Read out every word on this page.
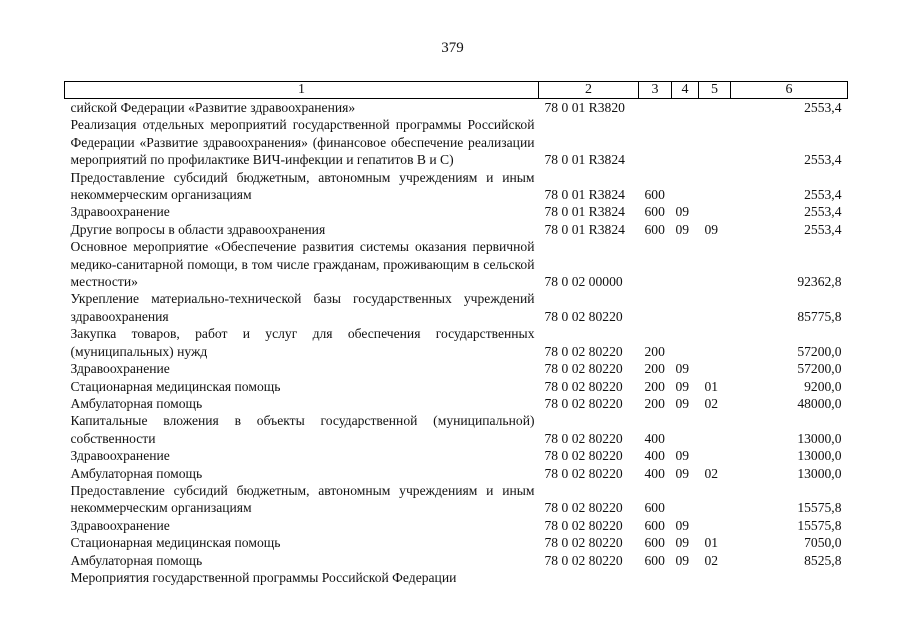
379
1	2	3	4	5	6
сийской Федерации «Развитие здравоохранения»	78 0 01 R3820				2553,4
Реализация отдельных мероприятий государственной программы Российской Федерации «Развитие здравоохранения» (финансовое обеспечение реализации мероприятий по профилактике ВИЧ-инфекции и гепатитов В и С)	78 0 01 R3824				2553,4
Предоставление субсидий бюджетным, автономным учреждениям и иным некоммерческим организациям	78 0 01 R3824	600			2553,4
Здравоохранение	78 0 01 R3824	600	09		2553,4
Другие вопросы в области здравоохранения	78 0 01 R3824	600	09	09	2553,4
Основное мероприятие «Обеспечение развития системы оказания первичной медико-санитарной помощи, в том числе гражданам, проживающим в сельской местности»	78 0 02 00000				92362,8
Укрепление материально-технической базы государственных учреждений здравоохранения	78 0 02 80220				85775,8
Закупка товаров, работ и услуг для обеспечения государственных (муниципальных) нужд	78 0 02 80220	200			57200,0
Здравоохранение	78 0 02 80220	200	09		57200,0
Стационарная медицинская помощь	78 0 02 80220	200	09	01	9200,0
Амбулаторная помощь	78 0 02 80220	200	09	02	48000,0
Капитальные вложения в объекты государственной (муниципальной) собственности	78 0 02 80220	400			13000,0
Здравоохранение	78 0 02 80220	400	09		13000,0
Амбулаторная помощь	78 0 02 80220	400	09	02	13000,0
Предоставление субсидий бюджетным, автономным учреждениям и иным некоммерческим организациям	78 0 02 80220	600			15575,8
Здравоохранение	78 0 02 80220	600	09		15575,8
Стационарная медицинская помощь	78 0 02 80220	600	09	01	7050,0
Амбулаторная помощь	78 0 02 80220	600	09	02	8525,8
Мероприятия государственной программы Российской Федерации					
